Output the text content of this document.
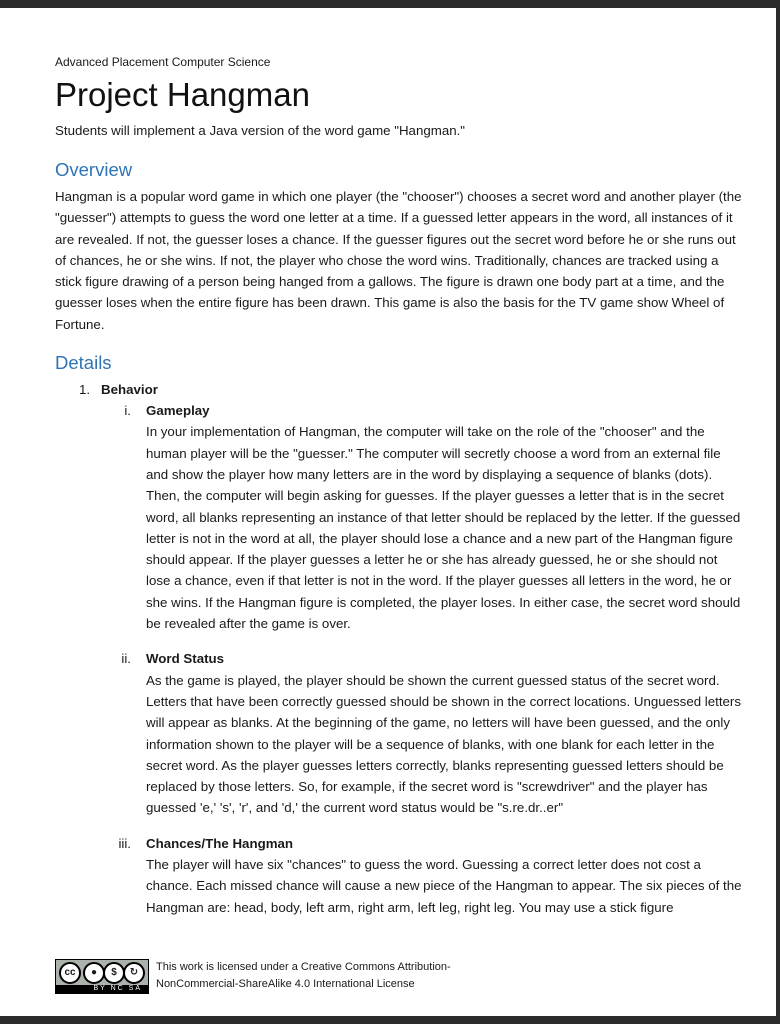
Advanced Placement Computer Science

Project Hangman

Students will implement a Java version of the word game "Hangman."

Overview

Hangman is a popular word game in which one player (the "chooser") chooses a secret word and another player (the "guesser") attempts to guess the word one letter at a time. If a guessed letter appears in the word, all instances of it are revealed. If not, the guesser loses a chance. If the guesser figures out the secret word before he or she runs out of chances, he or she wins. If not, the player who chose the word wins. Traditionally, chances are tracked using a stick figure drawing of a person being hanged from a gallows. The figure is drawn one body part at a time, and the guesser loses when the entire figure has been drawn. This game is also the basis for the TV game show Wheel of Fortune.

Details
1. Behavior
i. Gameplay

In your implementation of Hangman, the computer will take on the role of the "chooser" and the human player will be the "guesser." The computer will secretly choose a word from an external file and show the player how many letters are in the word by displaying a sequence of blanks (dots). Then, the computer will begin asking for guesses. If the player guesses a letter that is in the secret word, all blanks representing an instance of that letter should be replaced by the letter. If the guessed letter is not in the word at all, the player should lose a chance and a new part of the Hangman figure should appear. If the player guesses a letter he or she has already guessed, he or she should not lose a chance, even if that letter is not in the word. If the player guesses all letters in the word, he or she wins. If the Hangman figure is completed, the player loses. In either case, the secret word should be revealed after the game is over.

ii. Word Status

As the game is played, the player should be shown the current guessed status of the secret word. Letters that have been correctly guessed should be shown in the correct locations. Unguessed letters will appear as blanks. At the beginning of the game, no letters will have been guessed, and the only information shown to the player will be a sequence of blanks, with one blank for each letter in the secret word. As the player guesses letters correctly, blanks representing guessed letters should be replaced by those letters. So, for example, if the secret word is "screwdriver" and the player has guessed 'e,' 's', 'r', and 'd,' the current word status would be "s.re.dr..er"

iii. Chances/The Hangman

The player will have six "chances" to guess the word. Guessing a correct letter does not cost a chance. Each missed chance will cause a new piece of the Hangman to appear. The six pieces of the Hangman are: head, body, left arm, right arm, left leg, right leg. You may use a stick figure

cc	●	$	↻
BY NC SA
This work is licensed under a Creative Commons Attribution-
NonCommercial-ShareAlike 4.0 International License
